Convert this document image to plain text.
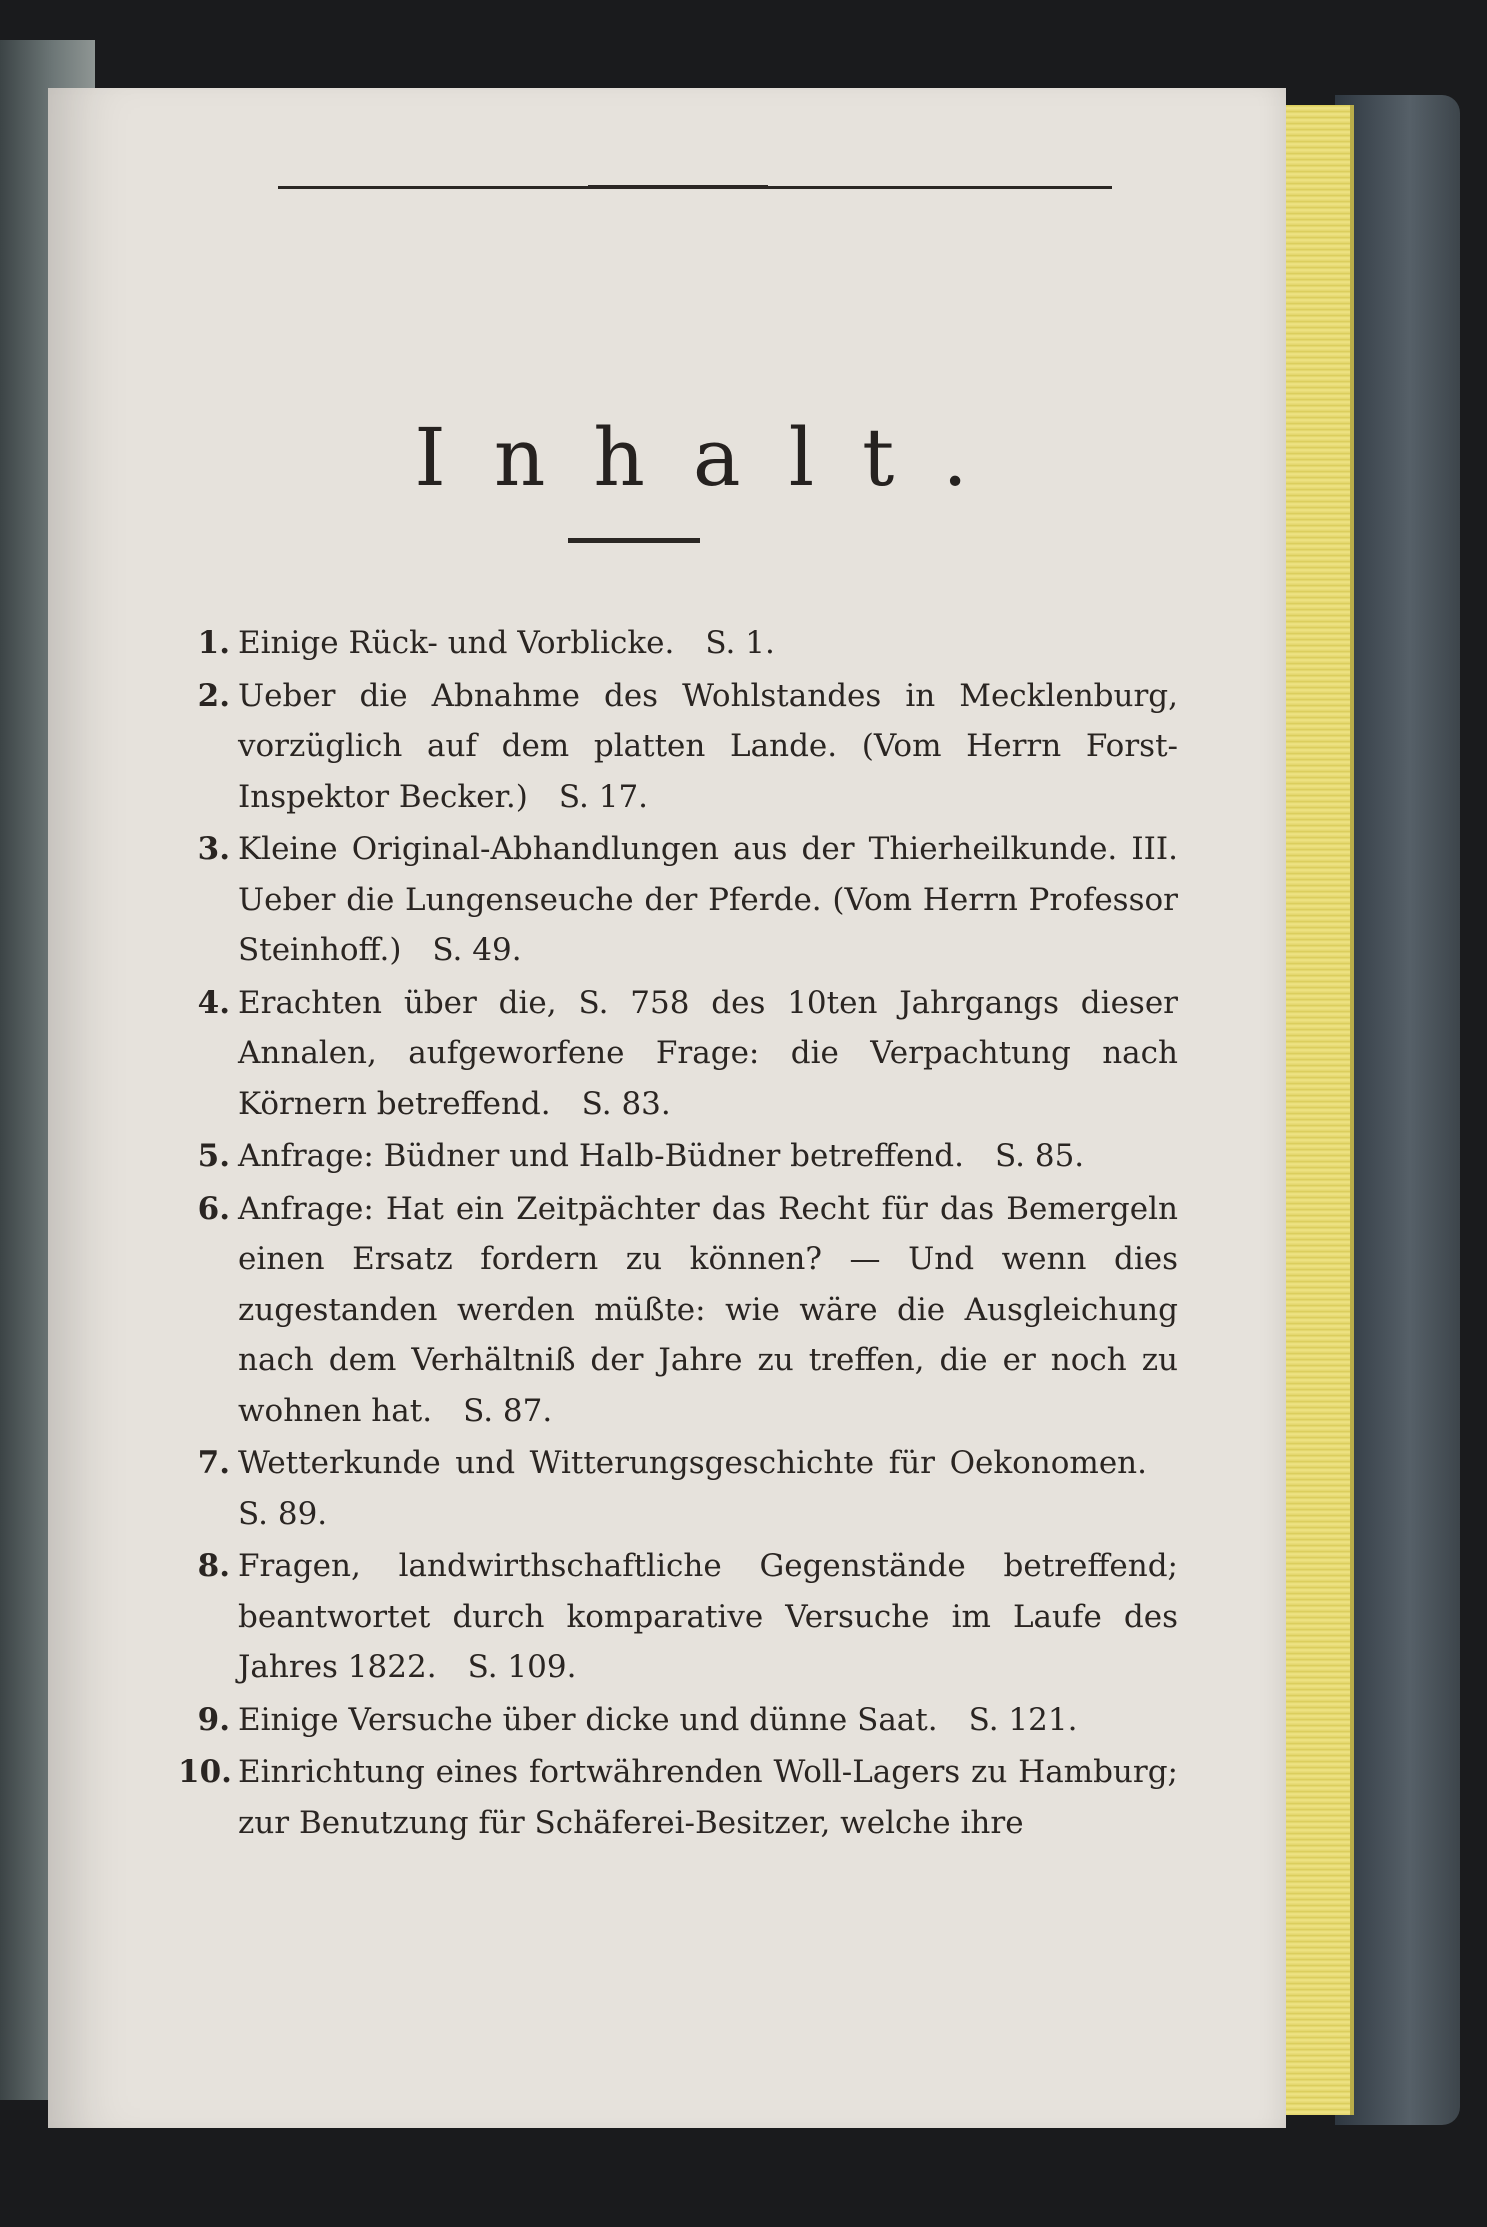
Inhalt.
1. Einige Rück- und Vorblicke.  S. 1.
2. Ueber die Abnahme des Wohlstandes in Mecklenburg, vorzüglich auf dem platten Lande. (Vom Herrn Forst-Inspektor Becker.)  S. 17.
3. Kleine Original-Abhandlungen aus der Thierheilkunde. III. Ueber die Lungenseuche der Pferde. (Vom Herrn Professor Steinhoff.)  S. 49.
4. Erachten über die, S. 758 des 10ten Jahrgangs dieser Annalen, aufgeworfene Frage: die Verpachtung nach Körnern betreffend.  S. 83.
5. Anfrage: Büdner und Halb-Büdner betreffend.  S. 85.
6. Anfrage: Hat ein Zeitpächter das Recht für das Bemergeln einen Ersatz fordern zu können? — Und wenn dies zugestanden werden müßte: wie wäre die Ausgleichung nach dem Verhältniß der Jahre zu treffen, die er noch zu wohnen hat.  S. 87.
7. Wetterkunde und Witterungsgeschichte für Oekonomen. S. 89.
8. Fragen, landwirthschaftliche Gegenstände betreffend; beantwortet durch komparative Versuche im Laufe des Jahres 1822.  S. 109.
9. Einige Versuche über dicke und dünne Saat.  S. 121.
10. Einrichtung eines fortwährenden Woll-Lagers zu Hamburg; zur Benutzung für Schäferei-Besitzer, welche ihre
